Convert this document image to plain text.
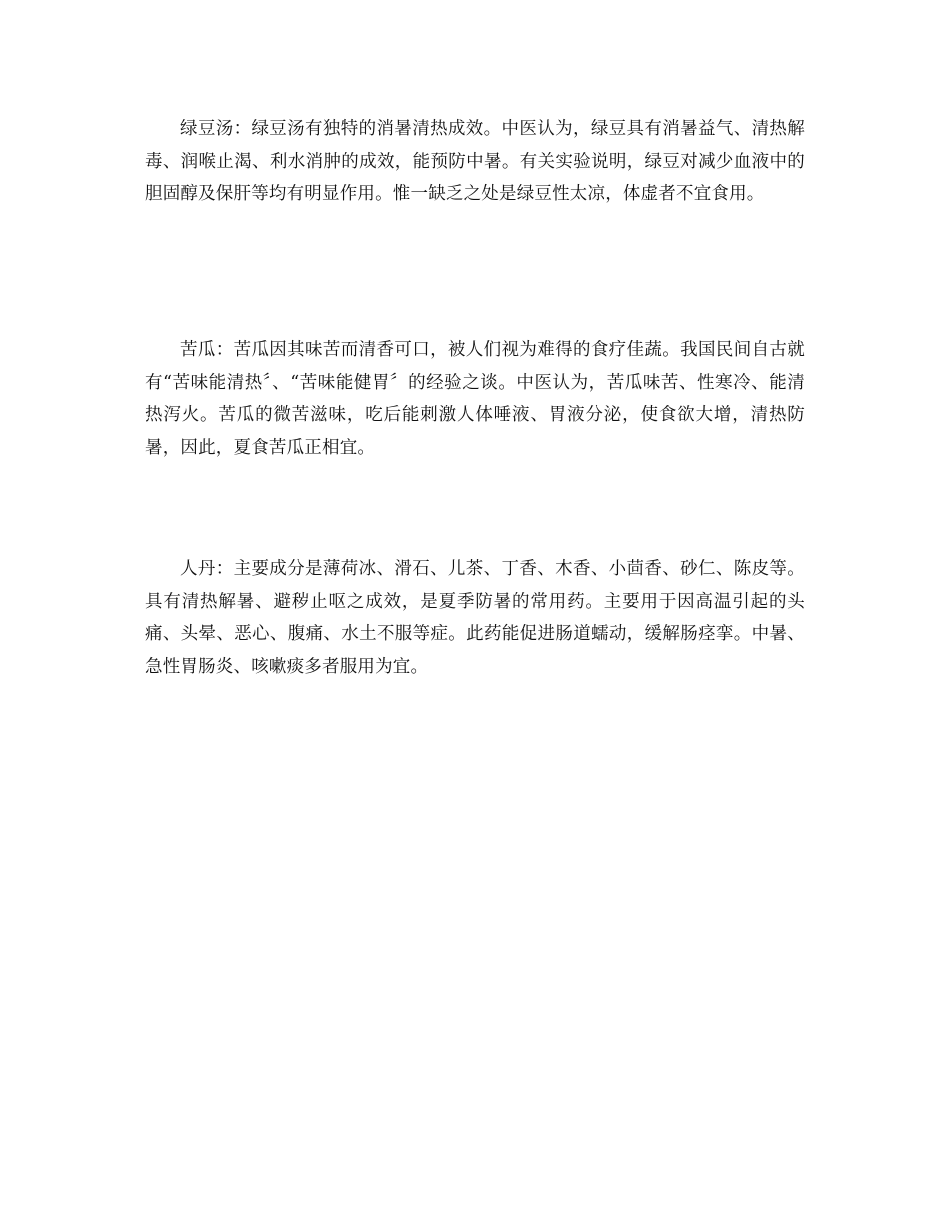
绿豆汤：绿豆汤有独特的消暑清热成效。中医认为，绿豆具有消暑益气、清热解毒、润喉止渴、利水消肿的成效，能预防中暑。有关实验说明，绿豆对减少血液中的胆固醇及保肝等均有明显作用。惟一缺乏之处是绿豆性太凉，体虚者不宜食用。

苦瓜：苦瓜因其味苦而清香可口，被人们视为难得的食疗佳蔬。我国民间自古就有“苦味能清热〞、“苦味能健胃〞的经验之谈。中医认为，苦瓜味苦、性寒冷、能清热泻火。苦瓜的微苦滋味，吃后能刺激人体唾液、胃液分泌，使食欲大增，清热防暑，因此，夏食苦瓜正相宜。

人丹：主要成分是薄荷冰、滑石、儿茶、丁香、木香、小茴香、砂仁、陈皮等。具有清热解暑、避秽止呕之成效，是夏季防暑的常用药。主要用于因高温引起的头痛、头晕、恶心、腹痛、水土不服等症。此药能促进肠道蠕动，缓解肠痉挛。中暑、急性胃肠炎、咳嗽痰多者服用为宜。
